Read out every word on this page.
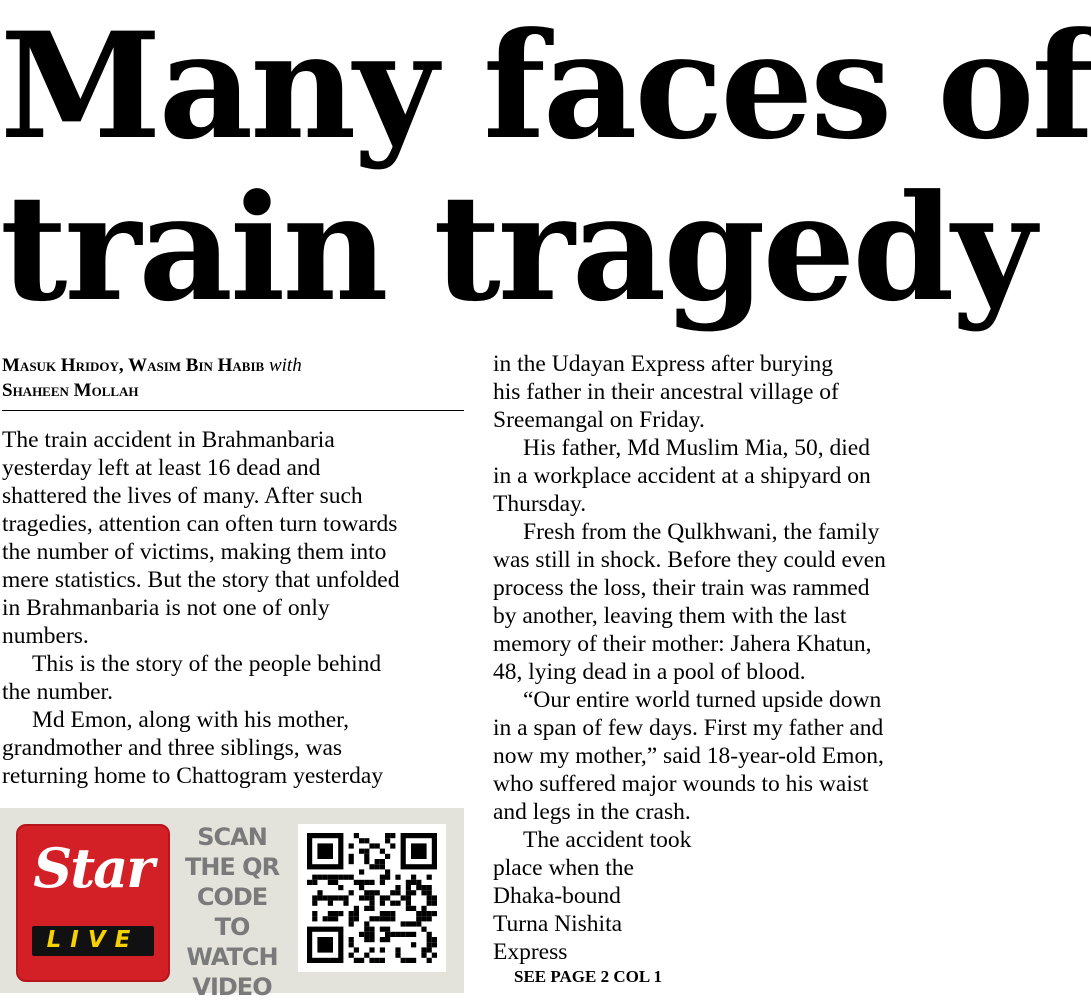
Many faces of
train tragedy
Masuk Hridoy, Wasim Bin Habib with
Shaheen Mollah

The train accident in Brahmanbaria
yesterday left at least 16 dead and
shattered the lives of many. After such
tragedies, attention can often turn towards
the number of victims, making them into
mere statistics. But the story that unfolded
in Brahmanbaria is not one of only
numbers.

This is the story of the people behind
the number.

Md Emon, along with his mother,
grandmother and three siblings, was
returning home to Chattogram yesterday

in the Udayan Express after burying
his father in their ancestral village of
Sreemangal on Friday.

His father, Md Muslim Mia, 50, died
in a workplace accident at a shipyard on
Thursday.

Fresh from the Qulkhwani, the family
was still in shock. Before they could even
process the loss, their train was rammed
by another, leaving them with the last
memory of their mother: Jahera Khatun,
48, lying dead in a pool of blood.

“Our entire world turned upside down
in a span of few days. First my father and
now my mother,” said 18-year-old Emon,
who suffered major wounds to his waist
and legs in the crash.

The accident took
place when the
Dhaka-bound
Turna Nishita
Express

Star
LIVE
SCAN
THE QR
CODE TO
WATCH
VIDEO	SEE PAGE 2 COL 1
